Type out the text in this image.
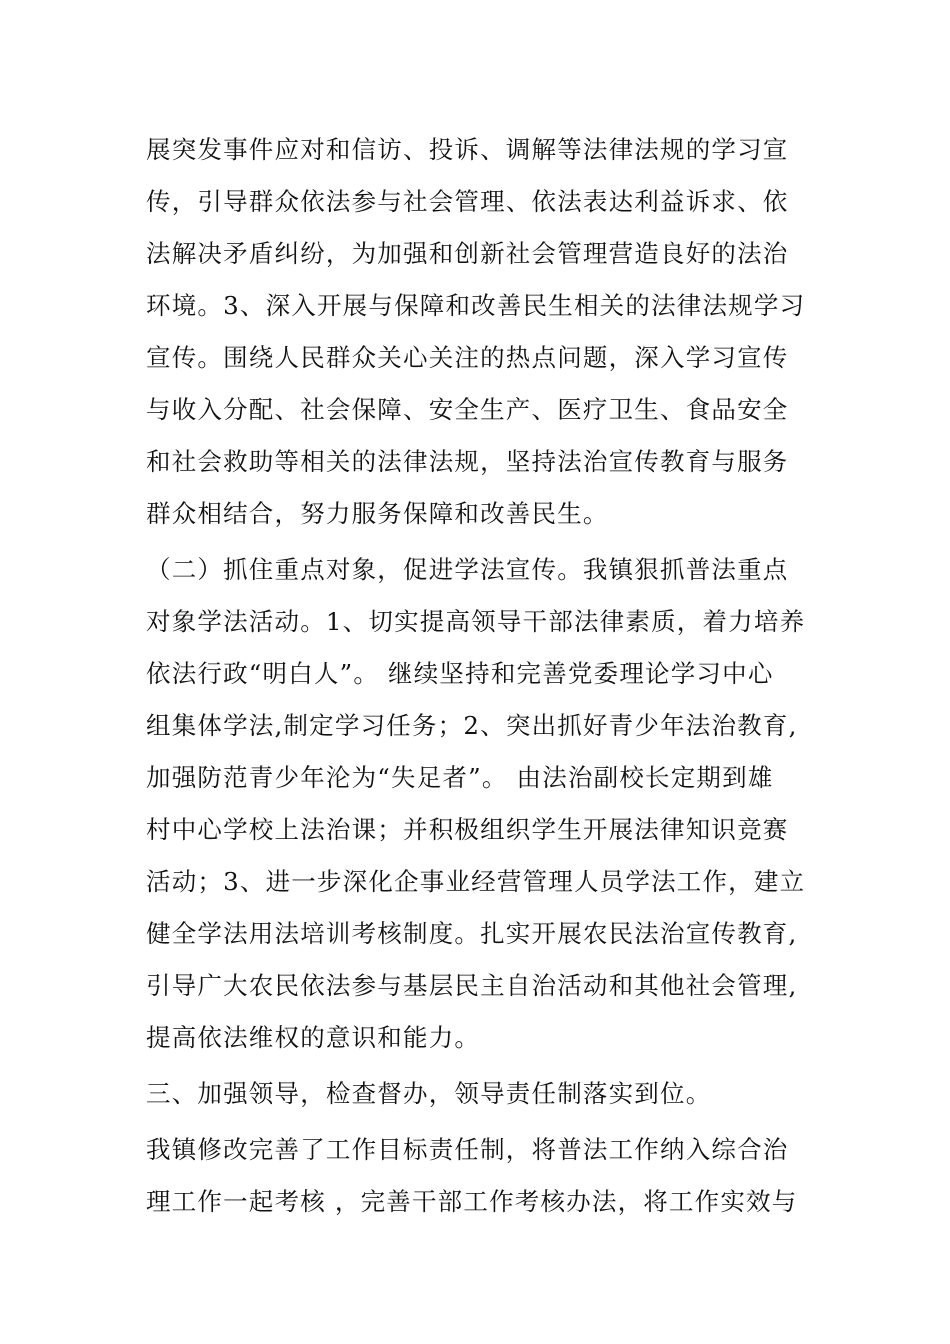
展突发事件应对和信访、投诉、调解等法律法规的学习宣
传，引导群众依法参与社会管理、依法表达利益诉求、依
法解决矛盾纠纷，为加强和创新社会管理营造良好的法治
环境。3、深入开展与保障和改善民生相关的法律法规学习
宣传。围绕人民群众关心关注的热点问题，深入学习宣传
与收入分配、社会保障、安全生产、医疗卫生、食品安全
和社会救助等相关的法律法规，坚持法治宣传教育与服务
群众相结合，努力服务保障和改善民生。
（二）抓住重点对象，促进学法宣传。我镇狠抓普法重点
对象学法活动。1、切实提高领导干部法律素质，着力培养
依法行政“明白人”。 继续坚持和完善党委理论学习中心
组集体学法,制定学习任务；2、突出抓好青少年法治教育,
加强防范青少年沦为“失足者”。 由法治副校长定期到雄
村中心学校上法治课；并积极组织学生开展法律知识竞赛
活动；3、进一步深化企事业经营管理人员学法工作，建立
健全学法用法培训考核制度。扎实开展农民法治宣传教育,
引导广大农民依法参与基层民主自治活动和其他社会管理,
提高依法维权的意识和能力。
三、加强领导，检查督办，领导责任制落实到位。
我镇修改完善了工作目标责任制，将普法工作纳入综合治
理工作一起考核 ，完善干部工作考核办法，将工作实效与
